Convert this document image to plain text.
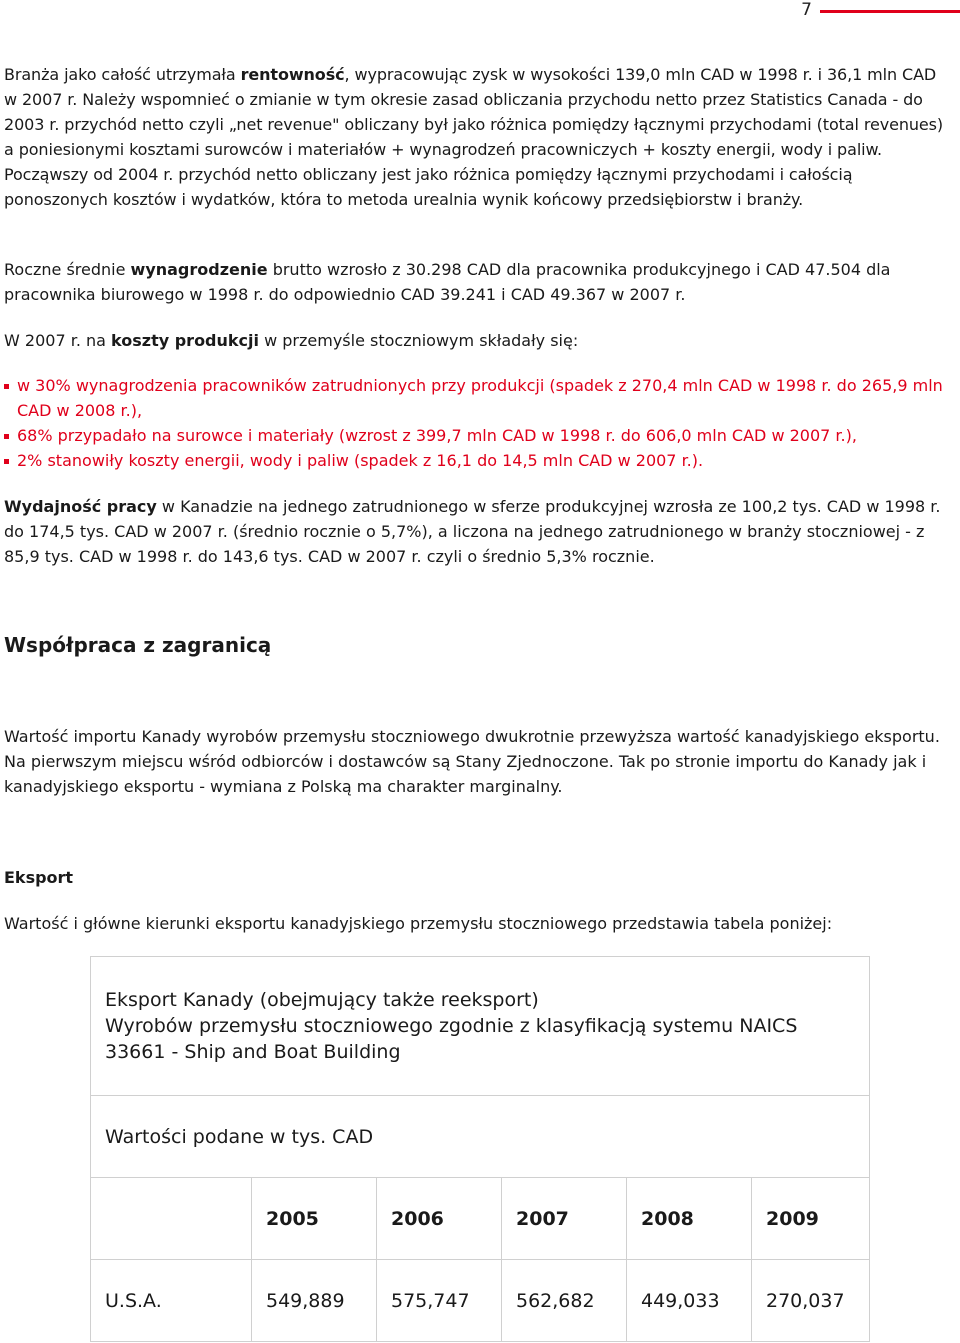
7

Branża jako całość utrzymała rentowność, wypracowując zysk w wysokości 139,0 mln CAD w 1998 r. i 36,1 mln CAD w 2007 r. Należy wspomnieć o zmianie w tym okresie zasad obliczania przychodu netto przez Statistics Canada - do 2003 r. przychód netto czyli „net revenue" obliczany był jako różnica pomiędzy łącznymi przychodami (total revenues) a poniesionymi kosztami surowców i materiałów + wynagrodzeń pracowniczych + koszty energii, wody i paliw. Począwszy od 2004 r. przychód netto obliczany jest jako różnica pomiędzy łącznymi przychodami i całością ponoszonych kosztów i wydatków, która to metoda urealnia wynik końcowy przedsiębiorstw i branży.

Roczne średnie wynagrodzenie brutto wzrosło z 30.298 CAD dla pracownika produkcyjnego i CAD 47.504 dla pracownika biurowego w 1998 r. do odpowiednio CAD 39.241 i CAD 49.367 w 2007 r.

W 2007 r. na koszty produkcji w przemyśle stoczniowym składały się:

w 30% wynagrodzenia pracowników zatrudnionych przy produkcji (spadek z 270,4 mln CAD w 1998 r. do 265,9 mln CAD w 2008 r.),
68% przypadało na surowce i materiały (wzrost z 399,7 mln CAD w 1998 r. do 606,0 mln CAD w 2007 r.),
2% stanowiły koszty energii, wody i paliw (spadek z 16,1 do 14,5 mln CAD w 2007 r.).

Wydajność pracy w Kanadzie na jednego zatrudnionego w sferze produkcyjnej wzrosła ze 100,2 tys. CAD w 1998 r. do 174,5 tys. CAD w 2007 r. (średnio rocznie o 5,7%), a liczona na jednego zatrudnionego w branży stoczniowej - z 85,9 tys. CAD w 1998 r. do 143,6 tys. CAD w 2007 r. czyli o średnio 5,3% rocznie.

Współpraca z zagranicą

Wartość importu Kanady wyrobów przemysłu stoczniowego dwukrotnie przewyższa wartość kanadyjskiego eksportu. Na pierwszym miejscu wśród odbiorców i dostawców są Stany Zjednoczone. Tak po stronie importu do Kanady jak i kanadyjskiego eksportu - wymiana z Polską ma charakter marginalny.

Eksport

Wartość i główne kierunki eksportu kanadyjskiego przemysłu stoczniowego przedstawia tabela poniżej:

Eksport Kanady (obejmujący także reeksport)
Wyrobów przemysłu stoczniowego zgodnie z klasyfikacją systemu NAICS
33661 - Ship and Boat Building					

Wartości podane w tys. CAD					
	2005	2006	2007	2008	2009
U.S.A.	549,889	575,747	562,682	449,033	270,037
